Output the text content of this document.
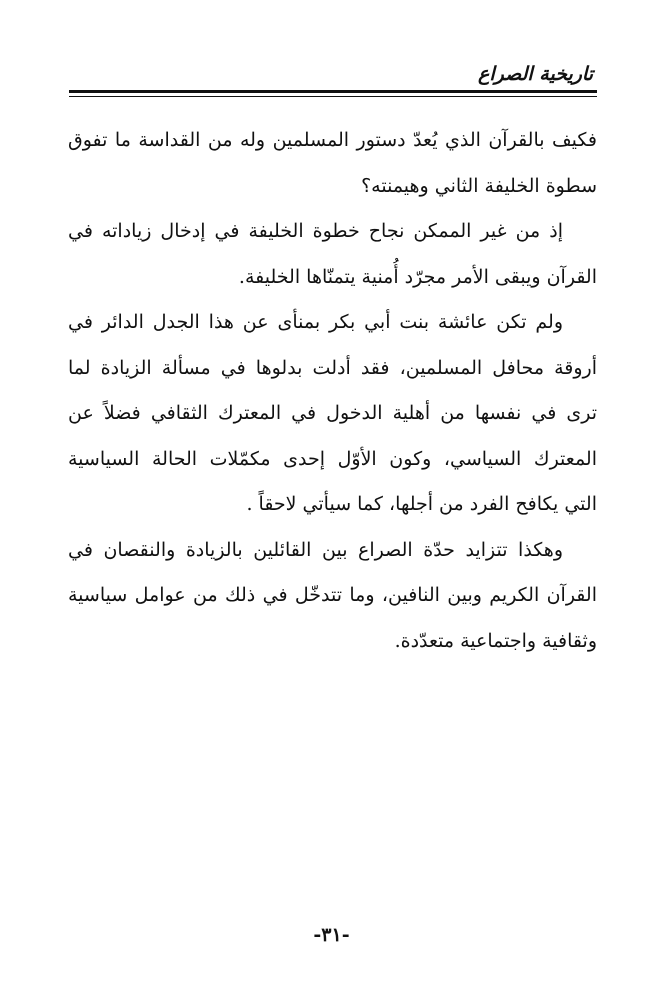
تاريخية الصراع
فكيف بالقرآن الذي يُعدّ دستور المسلمين وله من القداسة ما تفوق
سطوة الخليفة الثاني وهيمنته؟
إذ من غير الممكن نجاح خطوة الخليفة في إدخال زياداته في
القرآن ويبقى الأمر مجرّد أُمنية يتمنّاها الخليفة.
ولم تكن عائشة بنت أبي بكر بمنأى عن هذا الجدل الدائر في
أروقة محافل المسلمين، فقد أدلت بدلوها في مسألة الزيادة لما
ترى في نفسها من أهلية الدخول في المعترك الثقافي فضلاً عن
المعترك السياسي، وكون الأوّل إحدى مكمّلات الحالة السياسية
التي يكافح الفرد من أجلها، كما سيأتي لاحقاً .
وهكذا تتزايد حدّة الصراع بين القائلين بالزيادة والنقصان في
القرآن الكريم وبين النافين، وما تتدخّل في ذلك من عوامل سياسية
وثقافية واجتماعية متعدّدة.
-٣١-
